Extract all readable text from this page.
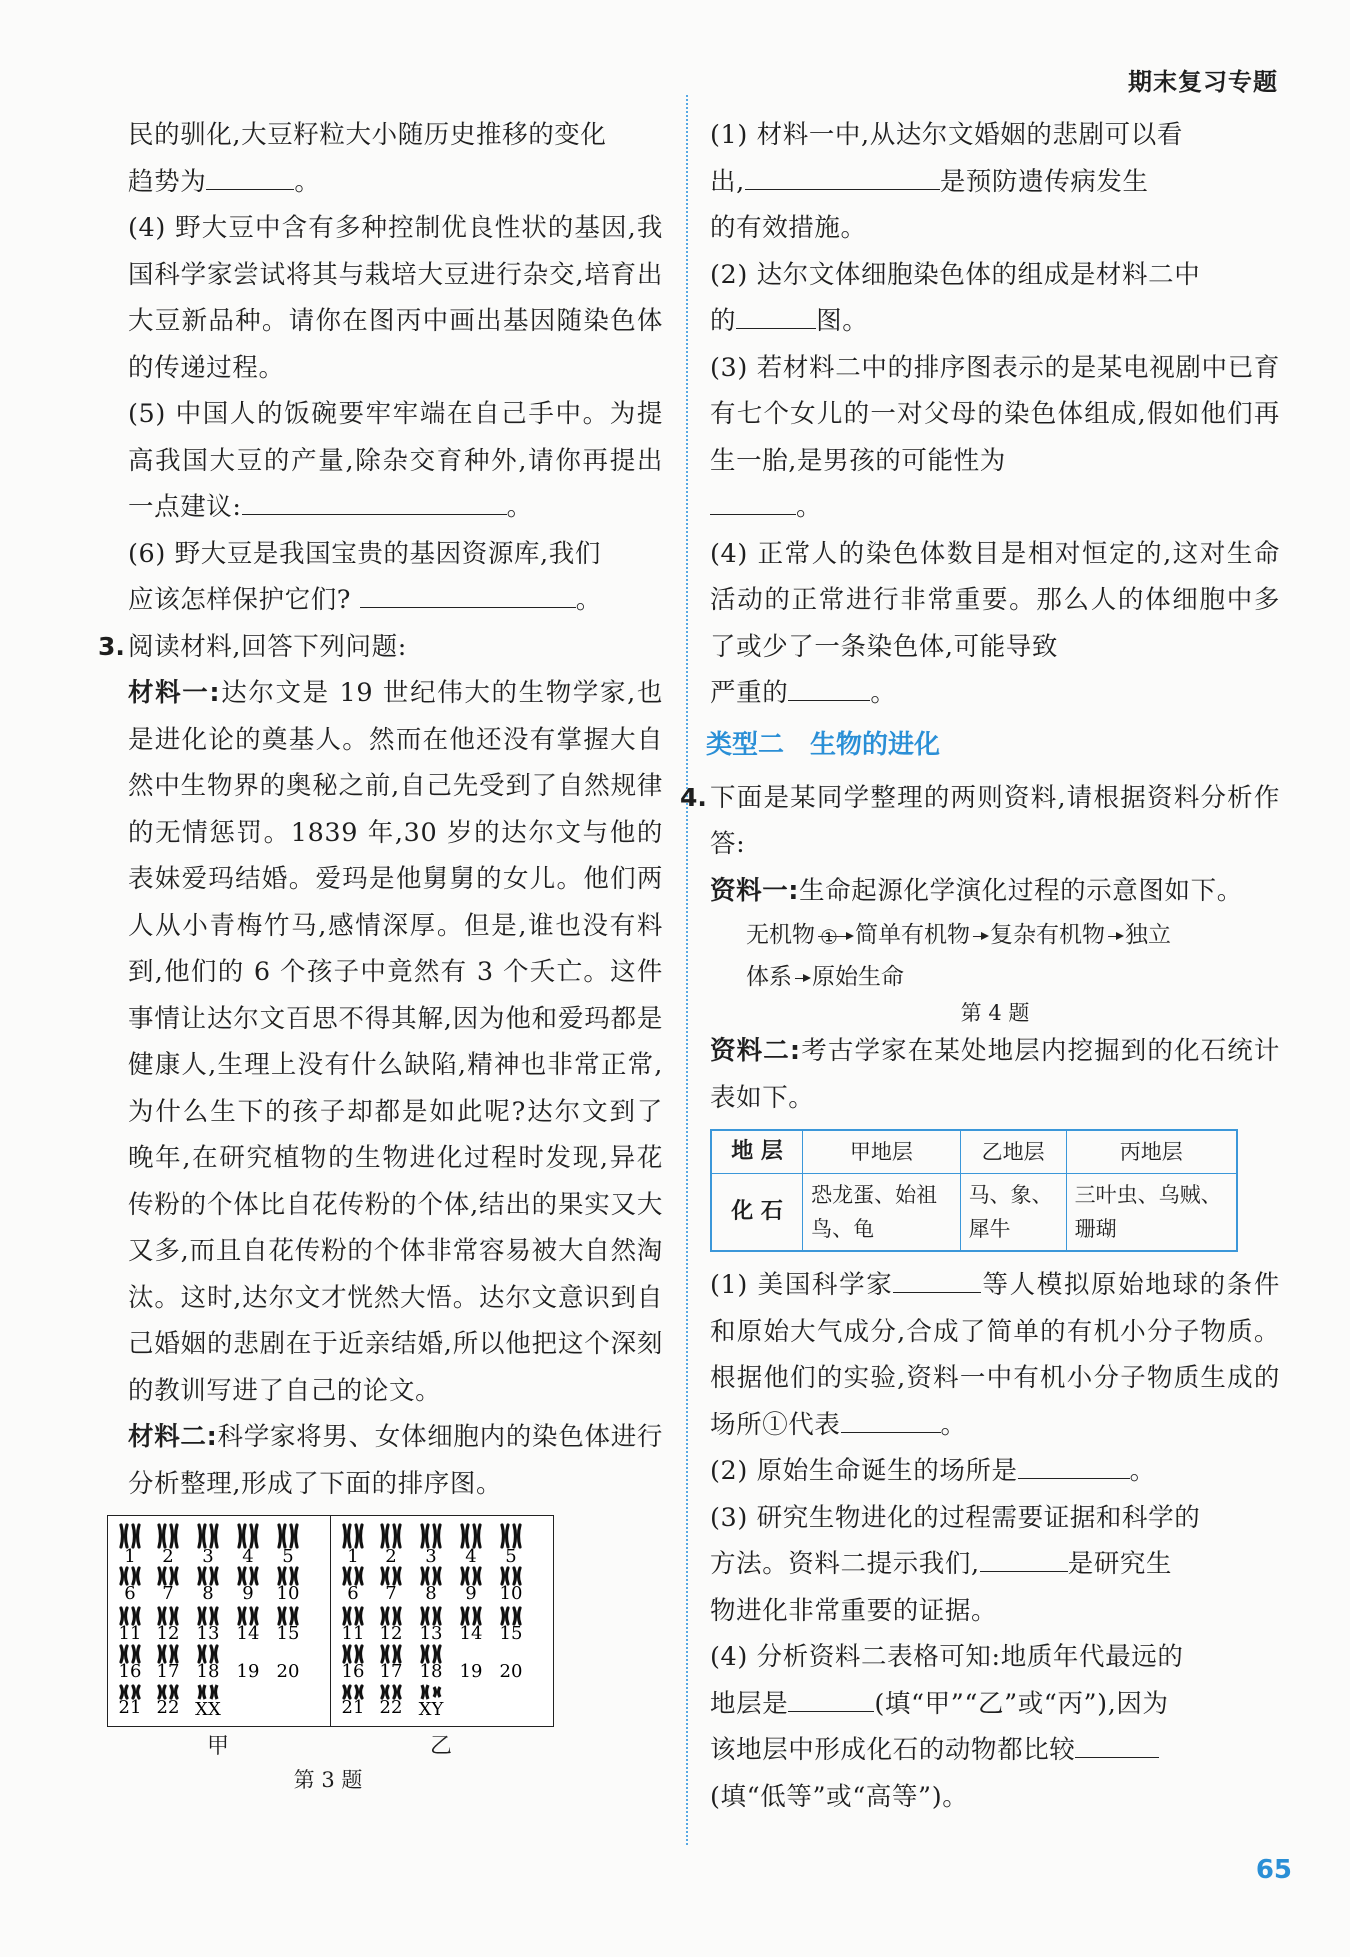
期末复习专题

民的驯化,大豆籽粒大小随历史推移的变化
趋势为	。

(4) 野大豆中含有多种控制优良性状的基因,我国科学家尝试将其与栽培大豆进行杂交,培育出大豆新品种。请你在图丙中画出基因随染色体的传递过程。

(5) 中国人的饭碗要牢牢端在自己手中。为提高我国大豆的产量,除杂交育种外,请你再提出一点建议:	。

(6) 野大豆是我国宝贵的基因资源库,我们
应该怎样保护它们?	。

3. 阅读材料,回答下列问题:

材料一:达尔文是 19 世纪伟大的生物学家,也是进化论的奠基人。然而在他还没有掌握大自然中生物界的奥秘之前,自己先受到了自然规律的无情惩罚。1839 年,30 岁的达尔文与他的表妹爱玛结婚。爱玛是他舅舅的女儿。他们两人从小青梅竹马,感情深厚。但是,谁也没有料到,他们的 6 个孩子中竟然有 3 个夭亡。这件事情让达尔文百思不得其解,因为他和爱玛都是健康人,生理上没有什么缺陷,精神也非常正常,为什么生下的孩子却都是如此呢?达尔文到了晚年,在研究植物的生物进化过程时发现,异花传粉的个体比自花传粉的个体,结出的果实又大又多,而且自花传粉的个体非常容易被大自然淘汰。这时,达尔文才恍然大悟。达尔文意识到自己婚姻的悲剧在于近亲结婚,所以他把这个深刻的教训写进了自己的论文。

材料二:科学家将男、女体细胞内的染色体进行分析整理,形成了下面的排序图。

1 2 3 4 5
6 7 8 9 10
11 12 13 14 15
16 17 18 19 20
21 22 XX
甲
1 2 3 4 5
6 7 8 9 10
11 12 13 14 15
16 17 18 19 20
21 22 XY
乙
第 3 题

(1) 材料一中,从达尔文婚姻的悲剧可以看
出,	是预防遗传病发生
的有效措施。

(2) 达尔文体细胞染色体的组成是材料二中
的	图。

(3) 若材料二中的排序图表示的是某电视剧中已育有七个女儿的一对父母的染色体组成,假如他们再生一胎,是男孩的可能性为
。

(4) 正常人的染色体数目是相对恒定的,这对生命活动的正常进行非常重要。那么人的体细胞中多了或少了一条染色体,可能导致
严重的	。

类型二 生物的进化
4. 下面是某同学整理的两则资料,请根据资料分析作答:

资料一:生命起源化学演化过程的示意图如下。

无机物 ① 简单有机物 复杂有机物 独立
体系 原始生命
第 4 题

资料二:考古学家在某处地层内挖掘到的化石统计表如下。

地 层	甲地层	乙地层	丙地层
化 石	恐龙蛋、始祖鸟、龟	马、象、犀牛	三叶虫、乌贼、珊瑚

(1) 美国科学家	等人模拟原始地球的条件和原始大气成分,合成了简单的有机小分子物质。根据他们的实验,资料一中有机小分子物质生成的场所①代表	。

(2) 原始生命诞生的场所是	。

(3) 研究生物进化的过程需要证据和科学的
方法。资料二提示我们,	是研究生
物进化非常重要的证据。

(4) 分析资料二表格可知:地质年代最远的
地层是	(填“甲”“乙”或“丙”),因为
该地层中形成化石的动物都比较
(填“低等”或“高等”)。

65
